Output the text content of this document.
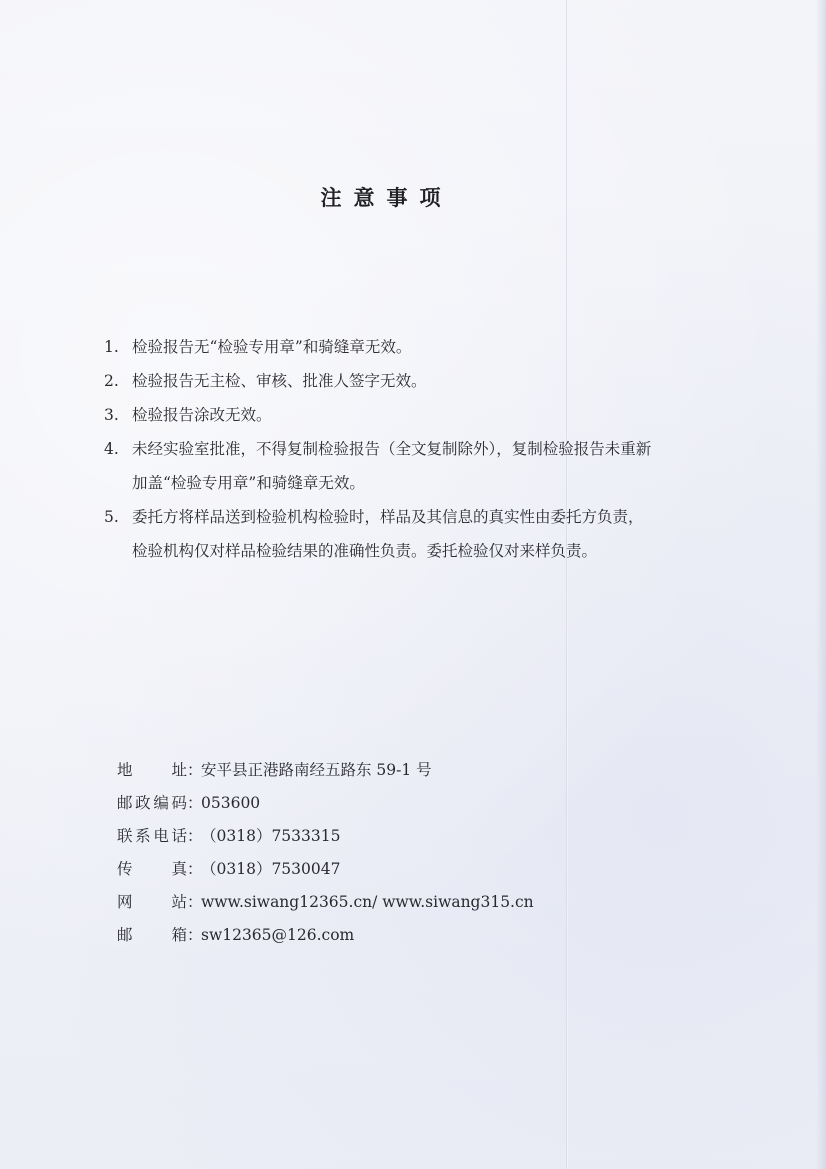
注意事项
1. 检验报告无“检验专用章”和骑缝章无效。
2. 检验报告无主检、审核、批准人签字无效。
3. 检验报告涂改无效。
4. 未经实验室批准，不得复制检验报告（全文复制除外），复制检验报告未重新
加盖“检验专用章”和骑缝章无效。
5. 委托方将样品送到检验机构检验时，样品及其信息的真实性由委托方负责，
检验机构仅对样品检验结果的准确性负责。委托检验仅对来样负责。
地址：安平县正港路南经五路东 59-1 号
邮政编码：053600
联系电话：（0318）7533315
传真：（0318）7530047
网站：www.siwang12365.cn/ www.siwang315.cn
邮箱：sw12365@126.com
